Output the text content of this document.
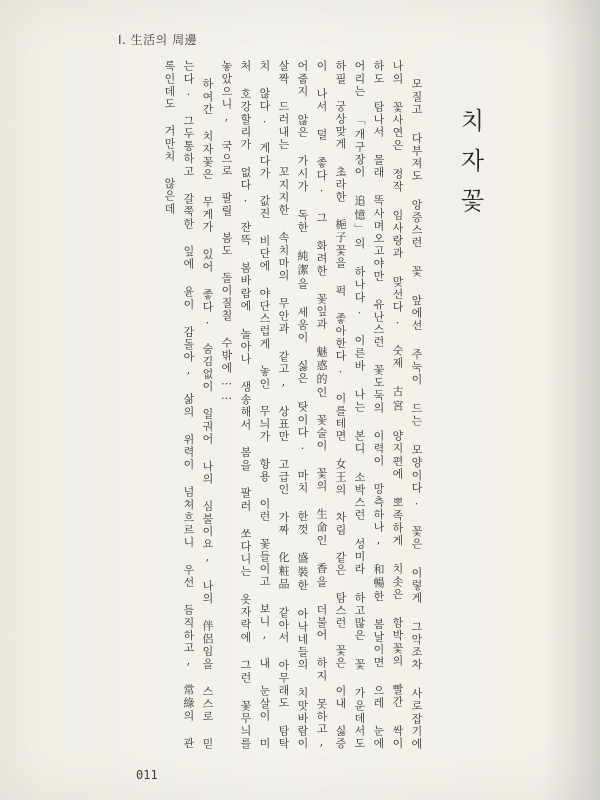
I. 生活의 周邊
치자꽃

모질고 다부져도 앙증스런 꽃 앞에선 주눅이 드는 모양이다. 꽃은 이렇게 그악조차 사로잡기에 나의 꽃사연은 정작 임사랑과 맞선다. 숫제 古宮 양지편에 뽀족하게 치솟은 함박꽃의 빨간 싹이 하도 탐나서 몰래 똑사며오고야만 유난스런 꽃도둑의 이력이 망측하나, 和暢한 봄날이면 으레 눈에 어리는 「개구장이 追憶」의 하나다. 이른바 나는 본디 소박스런 성미라 하고많은 꽃 가운데서도 하필 궁상맞게 초라한 梔子꽃을 퍽 좋아한다. 이를테면 女王의 차림 같은 탐스런 꽃은 이내 싫증이 나서 덜 좋다. 그 화려한 꽃잎과 魅惑的인 꽃술이 꽃의 生命인 香을 더불어 하지 못하고, 어줍지 않은 가시가 독한 純潔을 세움이 싫은 탓이다. 마치 한껏 盛裝한 아낙네들의 치맛바람이 살짝 드러내는 꼬지지한 속치마의 무안과 같고, 상표만 고급인 가짜 化粧品 같아서 아무래도 탐탁치 않다. 게다가 값진 비단에 야단스럽게 놓인 무늬가 항용 이런 꽃들이고 보니, 내 눈살이 미처 호강할리가 없다. 잔뜩 봄바람에 놀아나 생송해서 봄을 팔러 쏘다니는 옷자락에 그런 꽃무늬를 놓았으니, 국으로 팔릴 봄도 돌이질칠 수밖에……

하여간 치자꽃은 무게가 있어 좋다. 숨김없이 일궈어 나의 심불이요, 나의 伴侶임을 스스로 믿는다. 그두통하고 갈쭉한 잎에 윤이 감돌아, 삶의 위력이 넘쳐흐르니 우선 듬직하고, 常綠의 관록인데도 거만치 않은데

011
